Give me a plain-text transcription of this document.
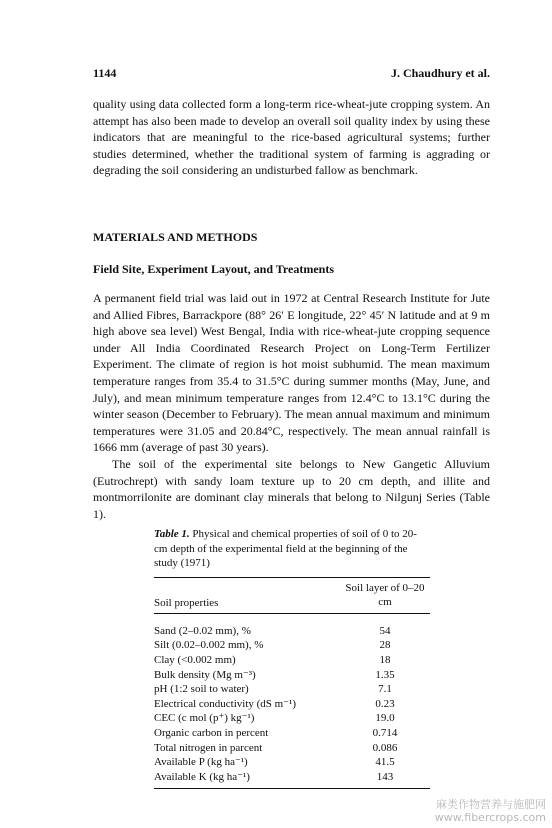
1144	J. Chaudhury et al.

quality using data collected form a long-term rice-wheat-jute cropping system. An attempt has also been made to develop an overall soil quality index by using these indicators that are meaningful to the rice-based agricultural systems; further studies determined, whether the traditional system of farming is aggrading or degrading the soil considering an undisturbed fallow as benchmark.

MATERIALS AND METHODS
Field Site, Experiment Layout, and Treatments

A permanent field trial was laid out in 1972 at Central Research Institute for Jute and Allied Fibres, Barrackpore (88° 26′ E longitude, 22° 45′ N latitude and at 9 m high above sea level) West Bengal, India with rice-wheat-jute cropping sequence under All India Coordinated Research Project on Long-Term Fertilizer Experiment. The climate of region is hot moist subhumid. The mean maximum temperature ranges from 35.4 to 31.5°C during summer months (May, June, and July), and mean minimum temperature ranges from 12.4°C to 13.1°C during the winter season (December to February). The mean annual maximum and minimum temperatures were 31.05 and 20.84°C, respectively. The mean annual rainfall is 1666 mm (average of past 30 years).

The soil of the experimental site belongs to New Gangetic Alluvium (Eutrochrept) with sandy loam texture up to 20 cm depth, and illite and montmorrilonite are dominant clay minerals that belong to Nilgunj Series (Table 1).

Table 1. Physical and chemical properties of soil of 0 to 20-cm depth of the experimental field at the beginning of the study (1971)

Soil properties	Soil layer of 0–20 cm
Sand (2–0.02 mm), %	54
Silt (0.02–0.002 mm), %	28
Clay (<0.002 mm)	18
Bulk density (Mg m⁻³)	1.35
pH (1:2 soil to water)	7.1
Electrical conductivity (dS m⁻¹)	0.23
CEC (c mol (p⁺) kg⁻¹)	19.0
Organic carbon in percent	0.714
Total nitrogen in parcent	0.086
Available P (kg ha⁻¹)	41.5
Available K (kg ha⁻¹)	143
麻类作物营养与施肥网
www.fibercrops.com
